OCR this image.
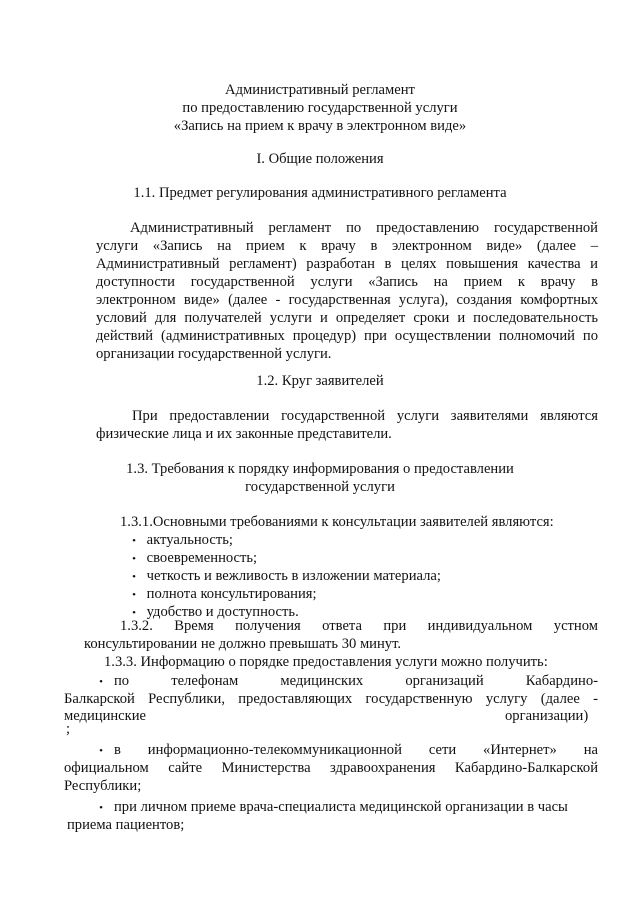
Административный регламент
по предоставлению государственной услуги
«Запись на прием к врачу в электронном виде»
I. Общие положения
1.1. Предмет регулирования административного регламента
Административный регламент по предоставлению государственной
услуги «Запись на прием к врачу в электронном виде» (далее –
Административный регламент) разработан в целях повышения качества и
доступности государственной услуги «Запись на прием к врачу в
электронном виде» (далее - государственная услуга), создания комфортных
условий для получателей услуги и определяет сроки и последовательность
действий (административных процедур) при осуществлении полномочий по
организации государственной услуги.
1.2. Круг заявителей
При предоставлении государственной услуги заявителями являются
физические лица и их законные представители.
1.3. Требования к порядку информирования о предоставлении
государственной услуги
1.3.1.Основными требованиями к консультации заявителей являются:
• актуальность;
• своевременность;
• четкость и вежливость в изложении материала;
• полнота консультирования;
• удобство и доступность.
1.3.2. Время получения ответа при индивидуальном устном
консультировании не должно превышать 30 минут.
1.3.3. Информацию о порядке предоставления услуги можно получить:
• по телефонам медицинских организаций Кабардино-
Балкарской Республики, предоставляющих государственную услугу (далее -
медицинские	организации)
;
• в информационно-телекоммуникационной сети «Интернет» на
официальном сайте Министерства здравоохранения Кабардино-Балкарской
Республики;
• при личном приеме врача-специалиста медицинской организации в часы
приема пациентов;
